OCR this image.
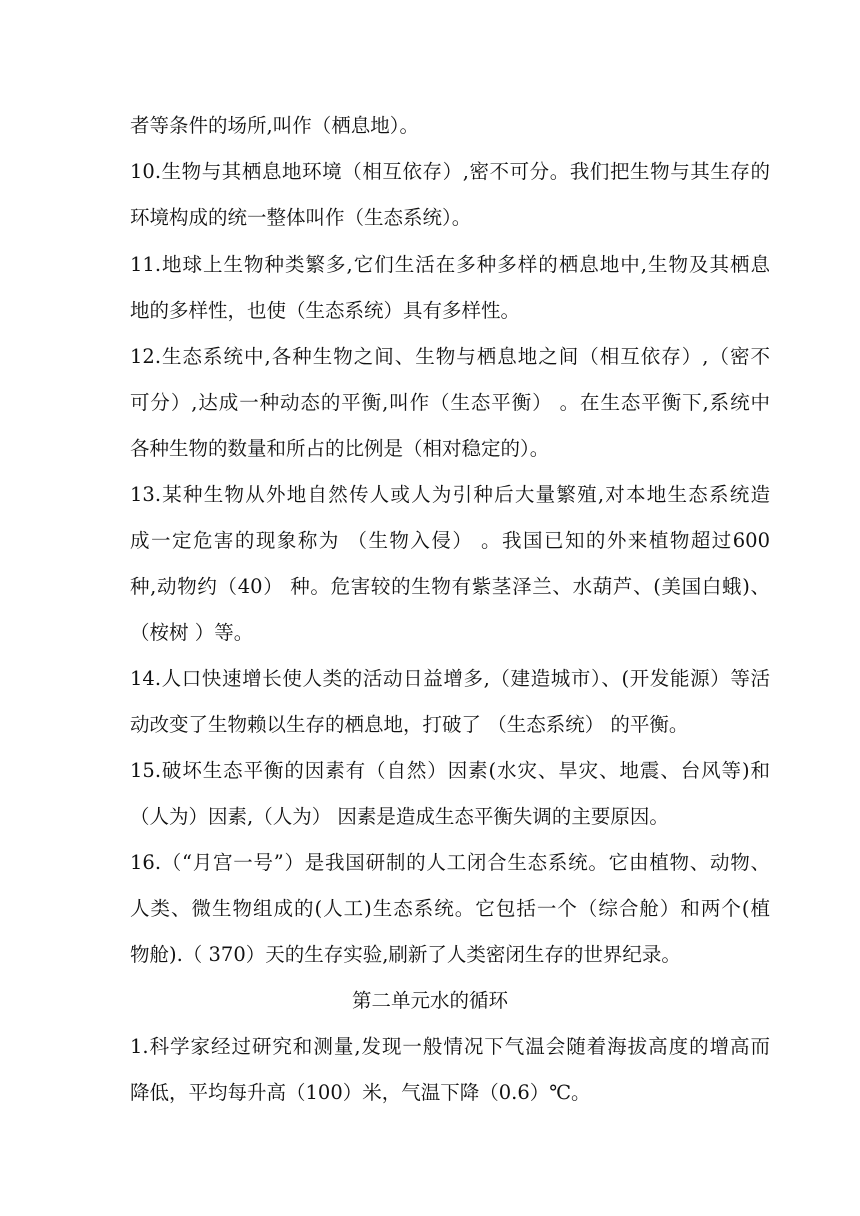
者等条件的场所,叫作（栖息地）。
10.生物与其栖息地环境（相互依存）,密不可分。我们把生物与其生存的
环境构成的统一整体叫作（生态系统）。
11.地球上生物种类繁多,它们生活在多种多样的栖息地中,生物及其栖息
地的多样性，也使（生态系统）具有多样性。
12.生态系统中,各种生物之间、生物与栖息地之间（相互依存）,（密不
可分）,达成一种动态的平衡,叫作（生态平衡） 。在生态平衡下,系统中
各种生物的数量和所占的比例是（相对稳定的）。
13.某种生物从外地自然传人或人为引种后大量繁殖,对本地生态系统造
成一定危害的现象称为 （生物入侵） 。我国已知的外来植物超过600
种,动物约（40） 种。危害较的生物有紫茎泽兰、水葫芦、(美国白蛾)、
（桉树 ）等。
14.人口快速增长使人类的活动日益增多,（建造城市）、(开发能源）等活
动改变了生物赖以生存的栖息地，打破了 （生态系统） 的平衡。
15.破坏生态平衡的因素有（自然）因素(水灾、旱灾、地震、台风等)和
（人为）因素,（人为） 因素是造成生态平衡失调的主要原因。
16.（“月宫一号”）是我国研制的人工闭合生态系统。它由植物、动物、
人类、微生物组成的(人工)生态系统。它包括一个（综合舱）和两个(植
物舱).（ 370）天的生存实验,刷新了人类密闭生存的世界纪录。
第二单元水的循环
1.科学家经过研究和测量,发现一般情况下气温会随着海拔高度的增高而
降低，平均每升高（100）米，气温下降（0.6）℃。
